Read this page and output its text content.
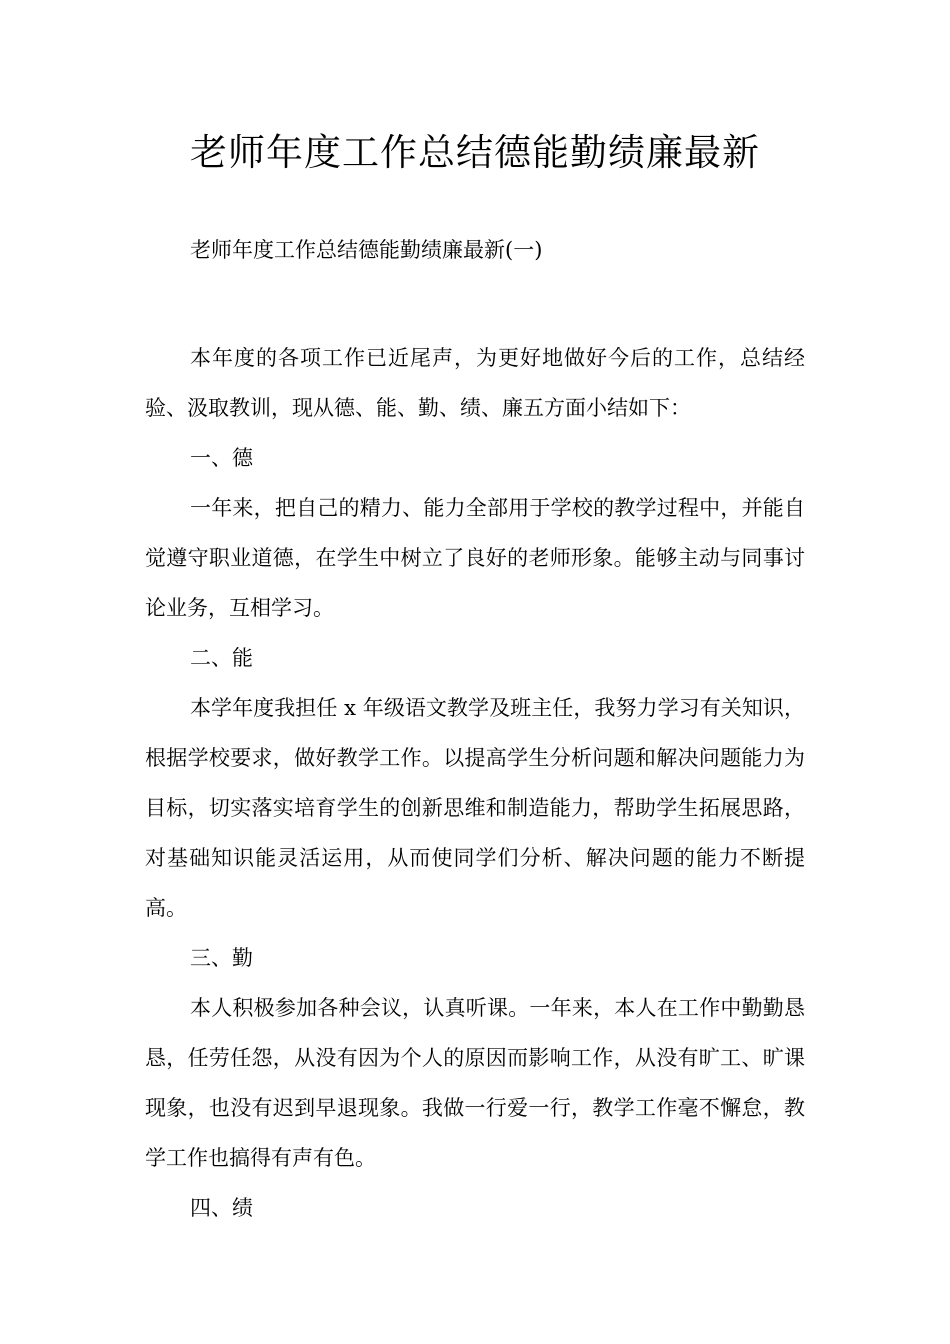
老师年度工作总结德能勤绩廉最新
老师年度工作总结德能勤绩廉最新(一)

本年度的各项工作已近尾声，为更好地做好今后的工作，总结经验、汲取教训，现从德、能、勤、绩、廉五方面小结如下：

一、德

一年来，把自己的精力、能力全部用于学校的教学过程中，并能自觉遵守职业道德，在学生中树立了良好的老师形象。能够主动与同事讨论业务，互相学习。

二、能

本学年度我担任 x 年级语文教学及班主任，我努力学习有关知识，根据学校要求，做好教学工作。以提高学生分析问题和解决问题能力为目标，切实落实培育学生的创新思维和制造能力，帮助学生拓展思路，对基础知识能灵活运用，从而使同学们分析、解决问题的能力不断提高。

三、勤

本人积极参加各种会议，认真听课。一年来，本人在工作中勤勤恳恳，任劳任怨，从没有因为个人的原因而影响工作，从没有旷工、旷课现象，也没有迟到早退现象。我做一行爱一行，教学工作毫不懈怠，教学工作也搞得有声有色。

四、绩
